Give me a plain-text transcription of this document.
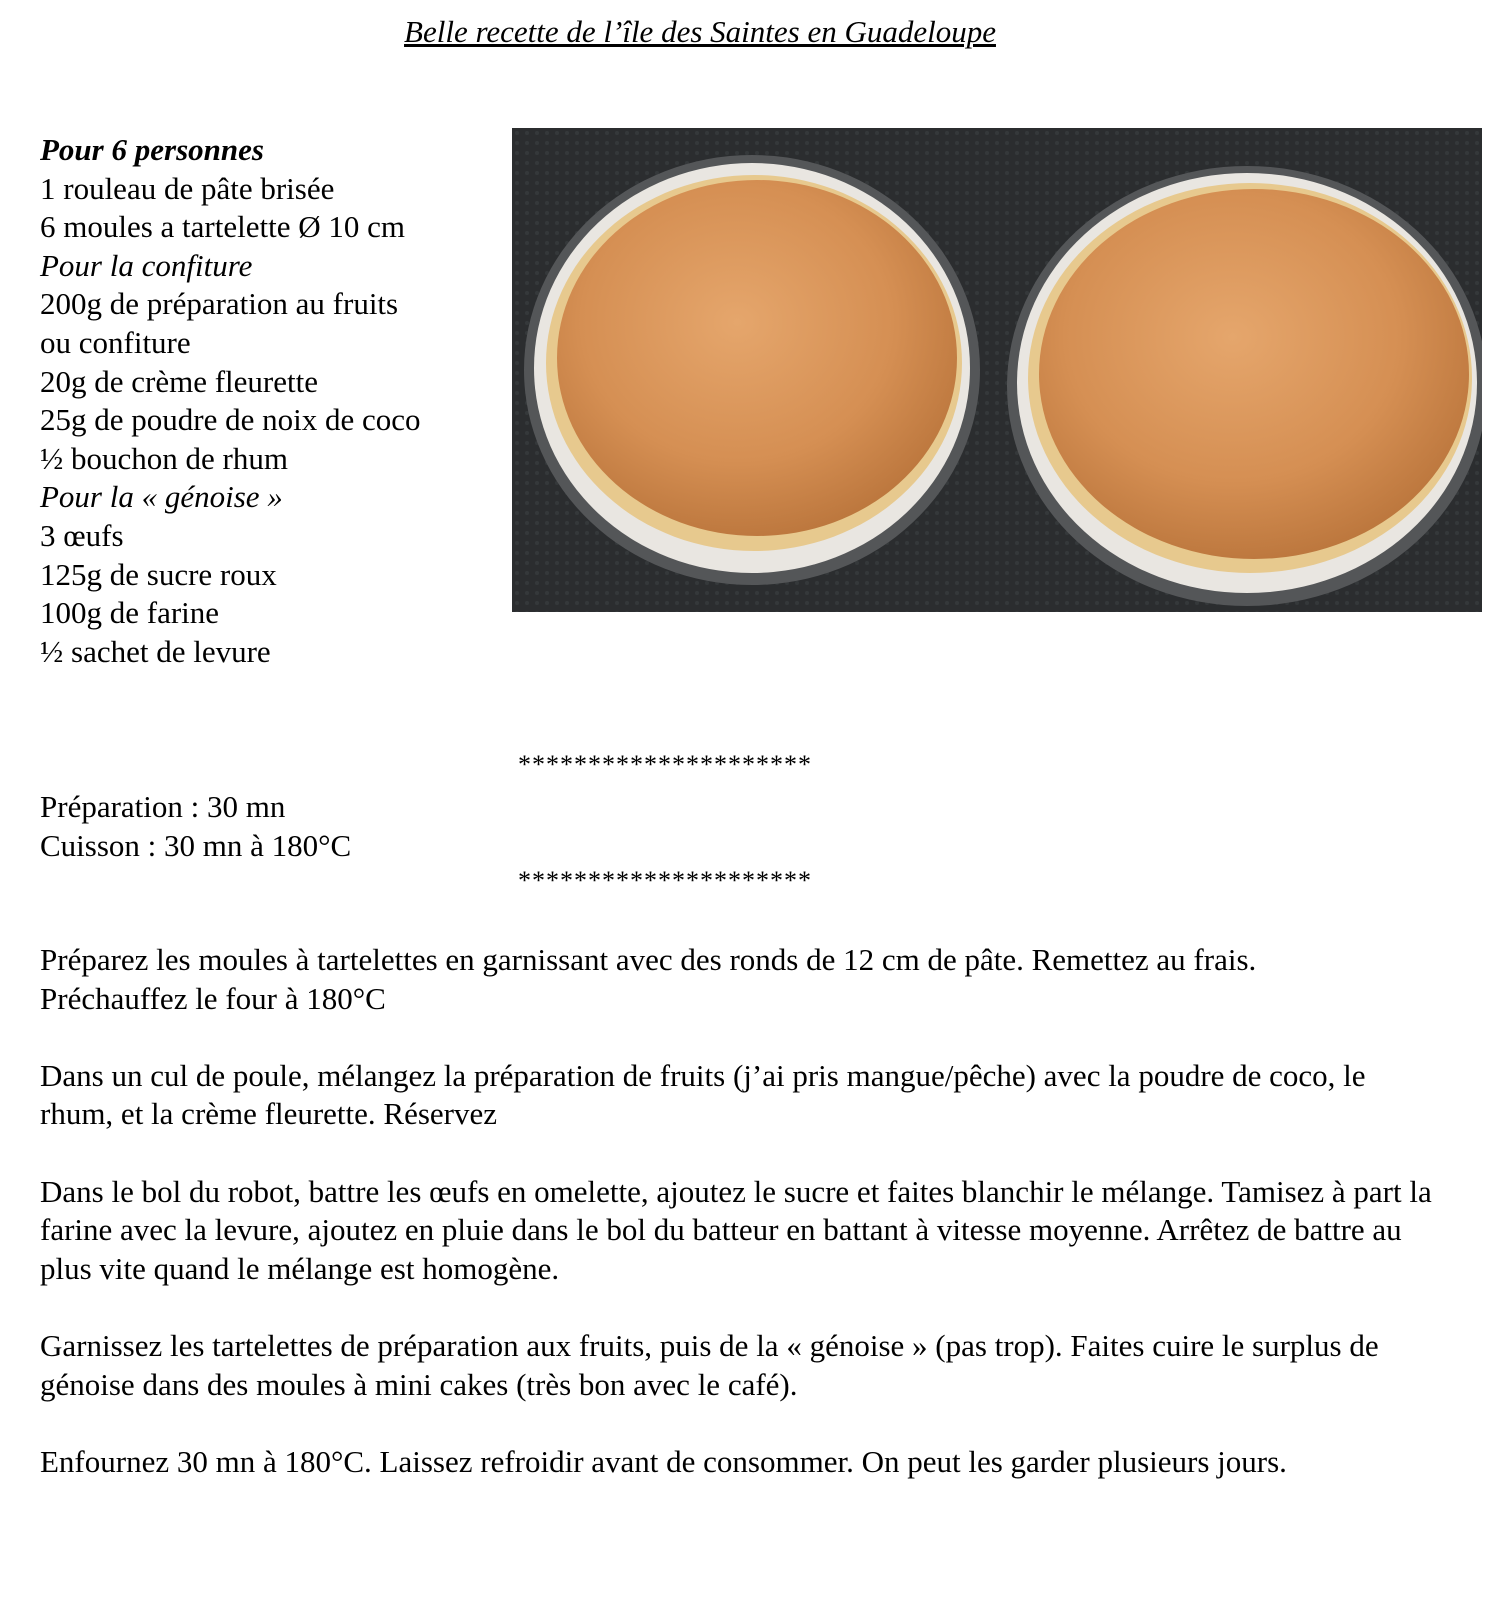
Belle recette de l’île des Saintes en Guadeloupe
Pour 6 personnes
1 rouleau de pâte brisée
6 moules a tartelette Ø 10 cm
Pour la confiture
200g de préparation au fruits
ou confiture
20g de crème fleurette
25g de poudre de noix de coco
½ bouchon de rhum
Pour la « génoise »
3 œufs
125g de sucre roux
100g de farine
½ sachet de levure
*********************
Préparation : 30 mn
Cuisson : 30 mn à 180°C
*********************

Préparez les moules à tartelettes en garnissant avec des ronds de 12 cm de pâte. Remettez au frais.
Préchauffez le four à 180°C

Dans un cul de poule, mélangez la préparation de fruits (j’ai pris mangue/pêche) avec la poudre de coco, le rhum, et la crème fleurette. Réservez

Dans le bol du robot, battre les œufs en omelette, ajoutez le sucre et faites blanchir le mélange. Tamisez à part la farine avec la levure, ajoutez en pluie dans le bol du batteur en battant à vitesse moyenne. Arrêtez de battre au plus vite quand le mélange est homogène.

Garnissez les tartelettes de préparation aux fruits, puis de la « génoise » (pas trop). Faites cuire le surplus de génoise dans des moules à mini cakes (très bon avec le café).

Enfournez 30 mn à 180°C. Laissez refroidir avant de consommer. On peut les garder plusieurs jours.
